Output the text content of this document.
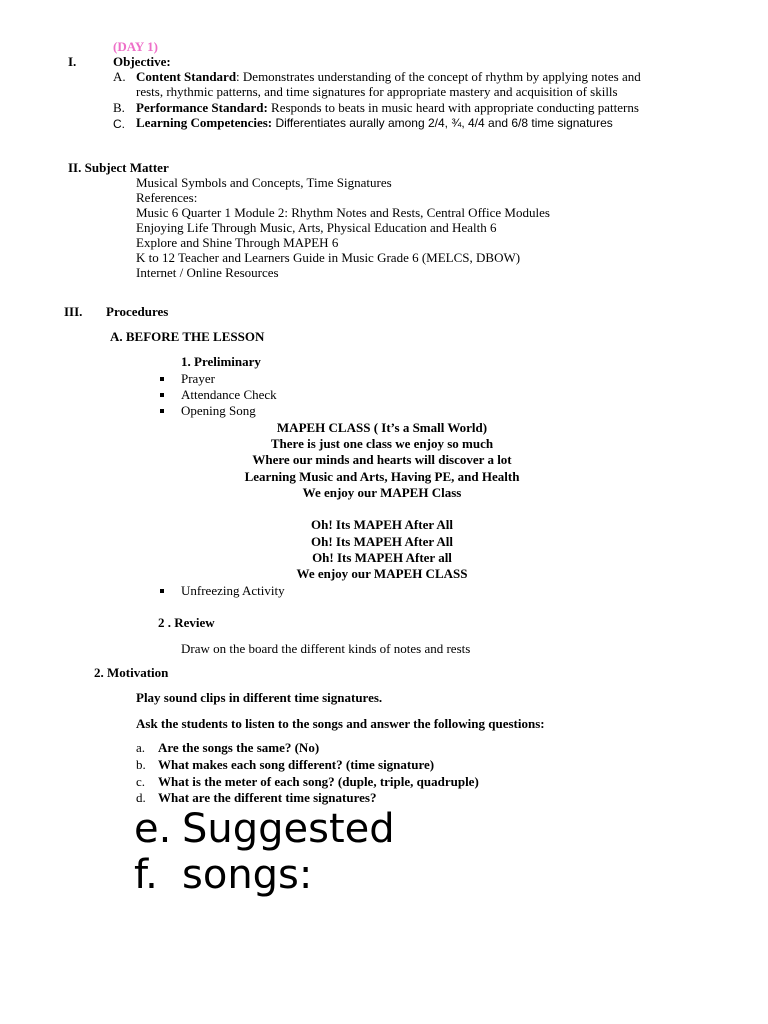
(DAY 1)
I.	Objective:
A. Content Standard: Demonstrates understanding of the concept of rhythm by applying notes and
rests, rhythmic patterns, and time signatures for appropriate mastery and acquisition of skills
B. Performance Standard: Responds to beats in music heard with appropriate conducting patterns
C. Learning Competencies: Differentiates aurally among 2/4, ¾, 4/4 and 6/8 time signatures
II. Subject Matter
Musical Symbols and Concepts, Time Signatures
References:
Music 6 Quarter 1 Module 2: Rhythm Notes and Rests, Central Office Modules
Enjoying Life Through Music, Arts, Physical Education and Health 6
Explore and Shine Through MAPEH 6
K to 12 Teacher and Learners Guide in Music Grade 6 (MELCS, DBOW)
Internet / Online Resources
III. Procedures
A. BEFORE THE LESSON
1. Preliminary
Prayer
Attendance Check
Opening Song
MAPEH CLASS ( It’s a Small World)
There is just one class we enjoy so much
Where our minds and hearts will discover a lot
Learning Music and Arts, Having PE, and Health
We enjoy our MAPEH Class
Oh! Its MAPEH After All
Oh! Its MAPEH After All
Oh! Its MAPEH After all
We enjoy our MAPEH CLASS
Unfreezing Activity
2 . Review
Draw on the board the different kinds of notes and rests
2. Motivation
Play sound clips in different time signatures.
Ask the students to listen to the songs and answer the following questions:
a. Are the songs the same? (No)
b. What makes each song different? (time signature)
c. What is the meter of each song? (duple, triple, quadruple)
d. What are the different time signatures?
e. Suggested
f. songs:
